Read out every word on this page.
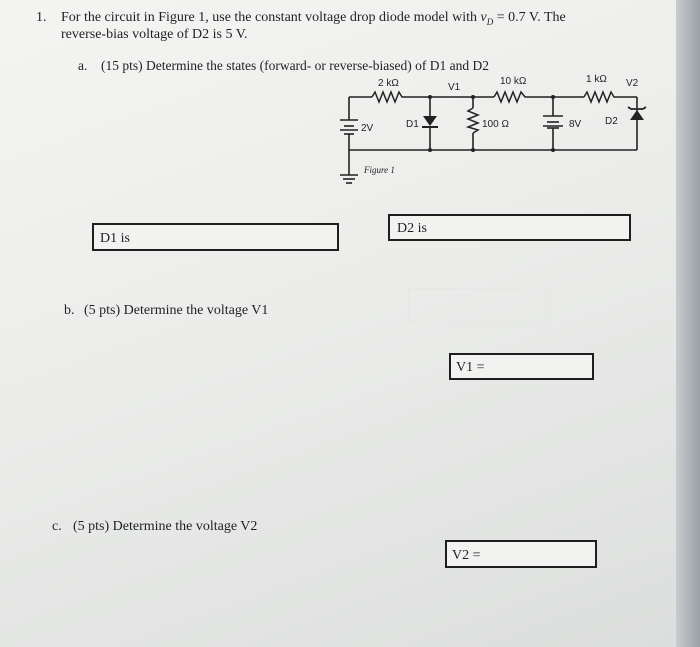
1. For the circuit in Figure 1, use the constant voltage drop diode model with $v_D = 0.7$ V. The
reverse-bias voltage of D2 is 5 V.
a. (15 pts) Determine the states (forward- or reverse-biased) of D1 and D2
2 kΩ	V1
10 kΩ	1 kΩ V2
2V	D1	100 Ω	8V D2
Figure 1
D1 is
D2 is
b. (5 pts) Determine the voltage V1
V1 =
c. (5 pts) Determine the voltage V2
V2 =
